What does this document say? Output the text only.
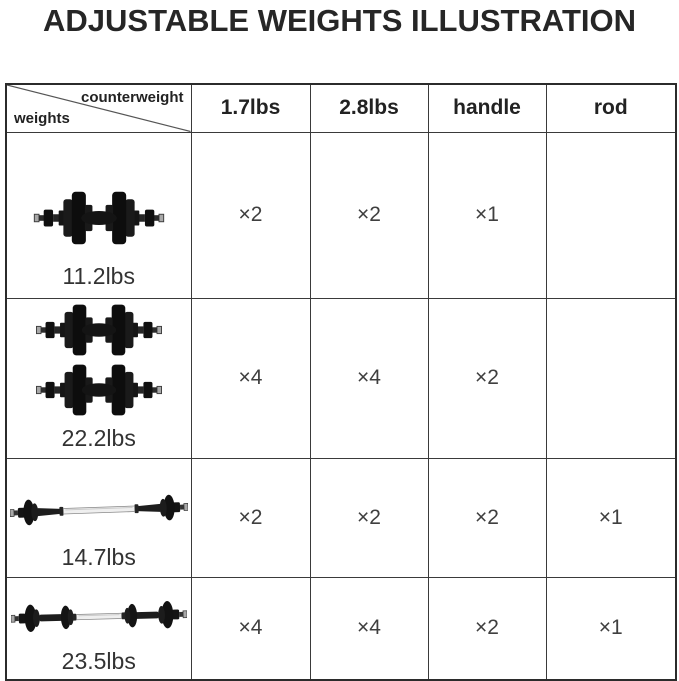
ADJUSTABLE WEIGHTS ILLUSTRATION
counterweight
weights	1.7lbs	2.8lbs	handle	rod

11.2lbs	×2	×2	×1	

22.2lbs	×4	×4	×2	

14.7lbs	×2	×2	×2	×1

23.5lbs	×4	×4	×2	×1
